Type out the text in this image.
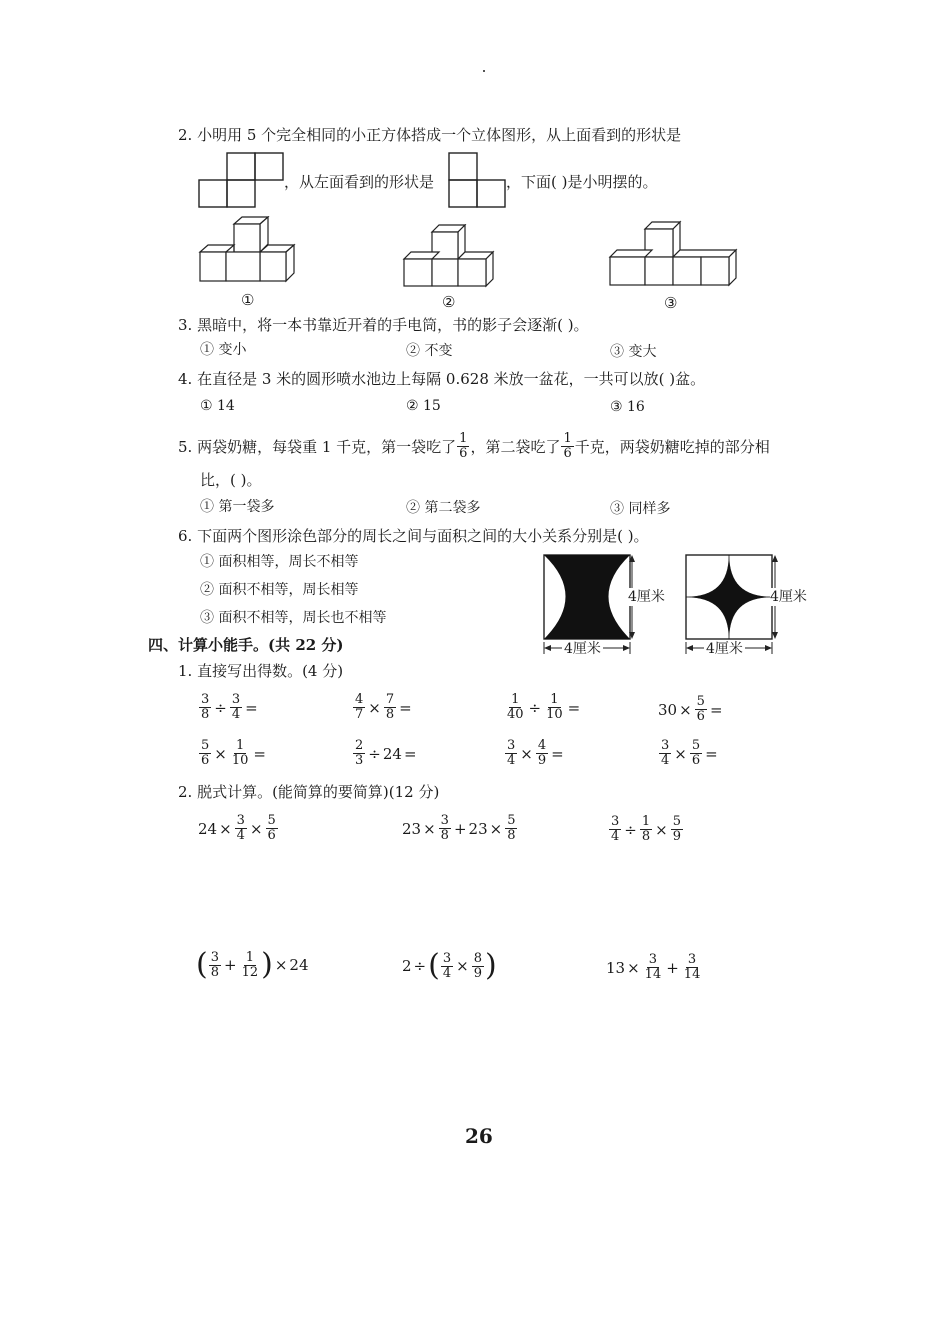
2. 小明用 5 个完全相同的小正方体搭成一个立体图形，从上面看到的形状是
，从左面看到的形状是	，下面( )是小明摆的。
①	②	③
3. 黑暗中，将一本书靠近开着的手电筒，书的影子会逐渐( )。
① 变小	② 不变	③ 变大
4. 在直径是 3 米的圆形喷水池边上每隔 0.628 米放一盆花，一共可以放( )盆。
① 14	② 15	③ 16
5. 两袋奶糖，每袋重 1 千克，第一袋吃了 $\frac{1}{6}$ ，第二袋吃了 $\frac{1}{6}$ 千克，两袋奶糖吃掉的部分相
比，( )。
① 第一袋多	② 第二袋多	③ 同样多
6. 下面两个图形涂色部分的周长之间与面积之间的大小关系分别是( )。
① 面积相等，周长不相等
② 面积不相等，周长相等
③ 面积不相等，周长也不相等
4厘米
4厘米
4厘米
4厘米
四、计算小能手。(共 22 分)
1. 直接写出得数。(4 分)
$\frac{3}{8} \div \frac{3}{4}$ =	$\frac{4}{7} \times \frac{7}{8}$ =	$\frac{1}{40} \div \frac{1}{10}$ =	$30 \times \frac{5}{6}$ =
$\frac{5}{6} \times \frac{1}{10}$ =	$\frac{2}{3} \div 24$ =	$\frac{3}{4} \times \frac{4}{9}$ =	$\frac{3}{4} \times \frac{5}{6}$ =
2. 脱式计算。(能简算的要简算)(12 分)
$24 \times \frac{3}{4} \times \frac{5}{6}$	$23 \times \frac{3}{8} + 23 \times \frac{5}{8}$	$\frac{3}{4} \div \frac{1}{8} \times \frac{5}{9}$
( $\frac{3}{8} + \frac{1}{12}$ ) × 24	2 ÷ ( $\frac{3}{4} \times \frac{8}{9}$ )	$13 \times \frac{3}{14} + \frac{3}{14}$
26
